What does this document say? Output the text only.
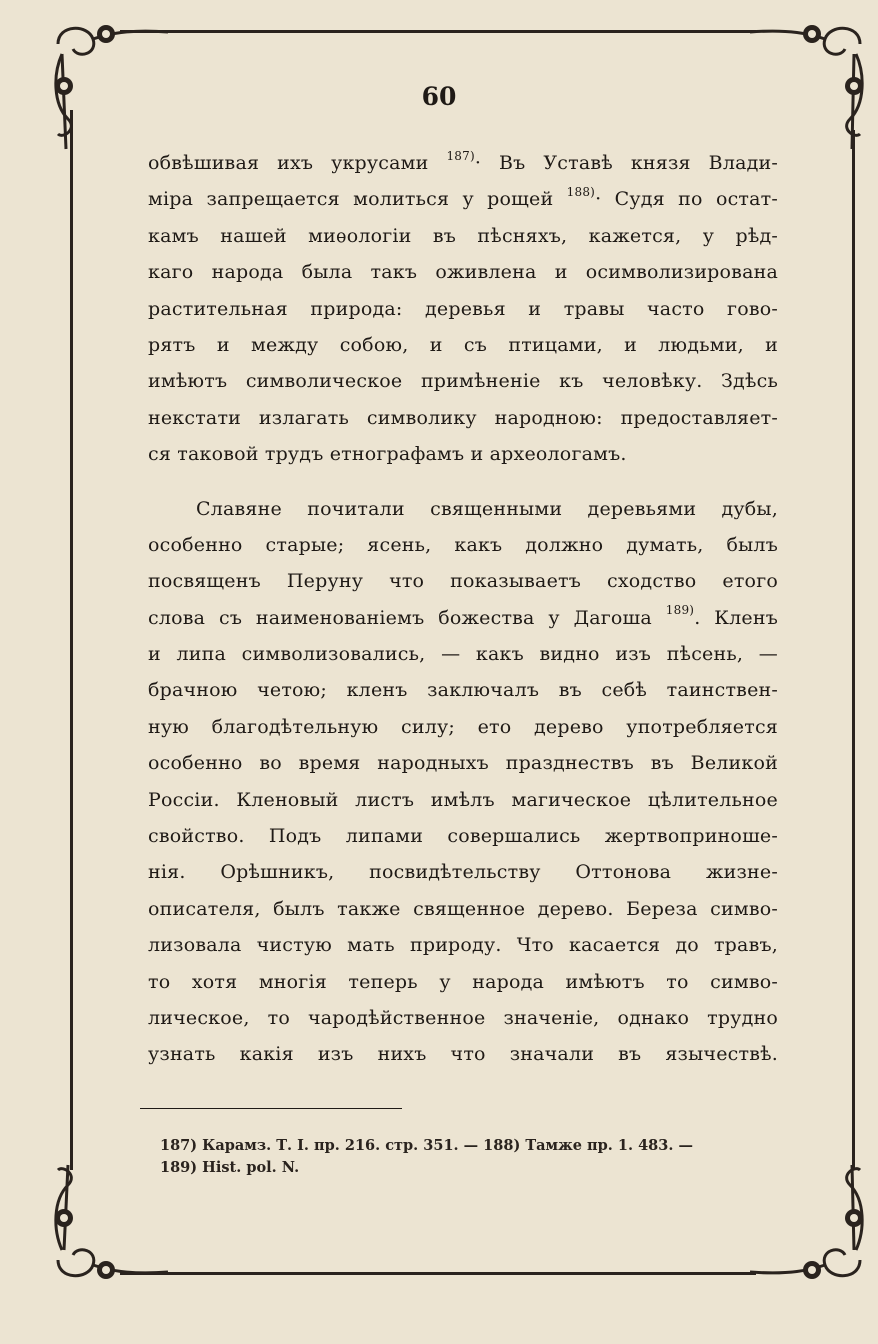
60
обвѣшивая ихъ укрусами $^{187)}$· Въ Уставѣ князя Влади-
міра запрещается молиться у рощей $^{188)}$· Судя по остат-
камъ нашей миѳологіи въ пѣсняхъ, кажется, у рѣд-
каго народа была такъ оживлена и осимволизирована
растительная природа: деревья и травы часто гово-
рятъ и между собою, и съ птицами, и людьми, и
имѣютъ символическое примѣненіе къ человѣку. Здѣсь
некстати излагать символику народною: предоставляет-
ся таковой трудъ етнографамъ и археологамъ.
Славяне почитали священными деревьями дубы,
особенно старые; ясень, какъ должно думать, былъ
посвященъ Перуну что показываетъ сходство етого
слова съ наименованіемъ божества у Дагоша $^{189)}$. Кленъ
и липа символизовались, — какъ видно изъ пѣсень, —
брачною четою; кленъ заключалъ въ себѣ таинствен-
ную благодѣтельную силу; ето дерево употребляется
особенно во время народныхъ празднествъ въ Великой
Россіи. Кленовый листъ имѣлъ магическое цѣлительное
свойство. Подъ липами совершались жертвоприноше-
нія. Орѣшникъ, посвидѣтельству Оттонова жизне-
описателя, былъ также священное дерево. Береза симво-
лизовала чистую мать природу. Что касается до травъ,
то хотя многія теперь у народа имѣютъ то симво-
лическое, то чародѣйственное значеніе, однако трудно
узнать какія изъ нихъ что значали въ язычествѣ.
187) Карамз. Т. I. пр. 216. стр. 351. — 188) Тамже пр. 1. 483. —
189) Hist. pol. N.
